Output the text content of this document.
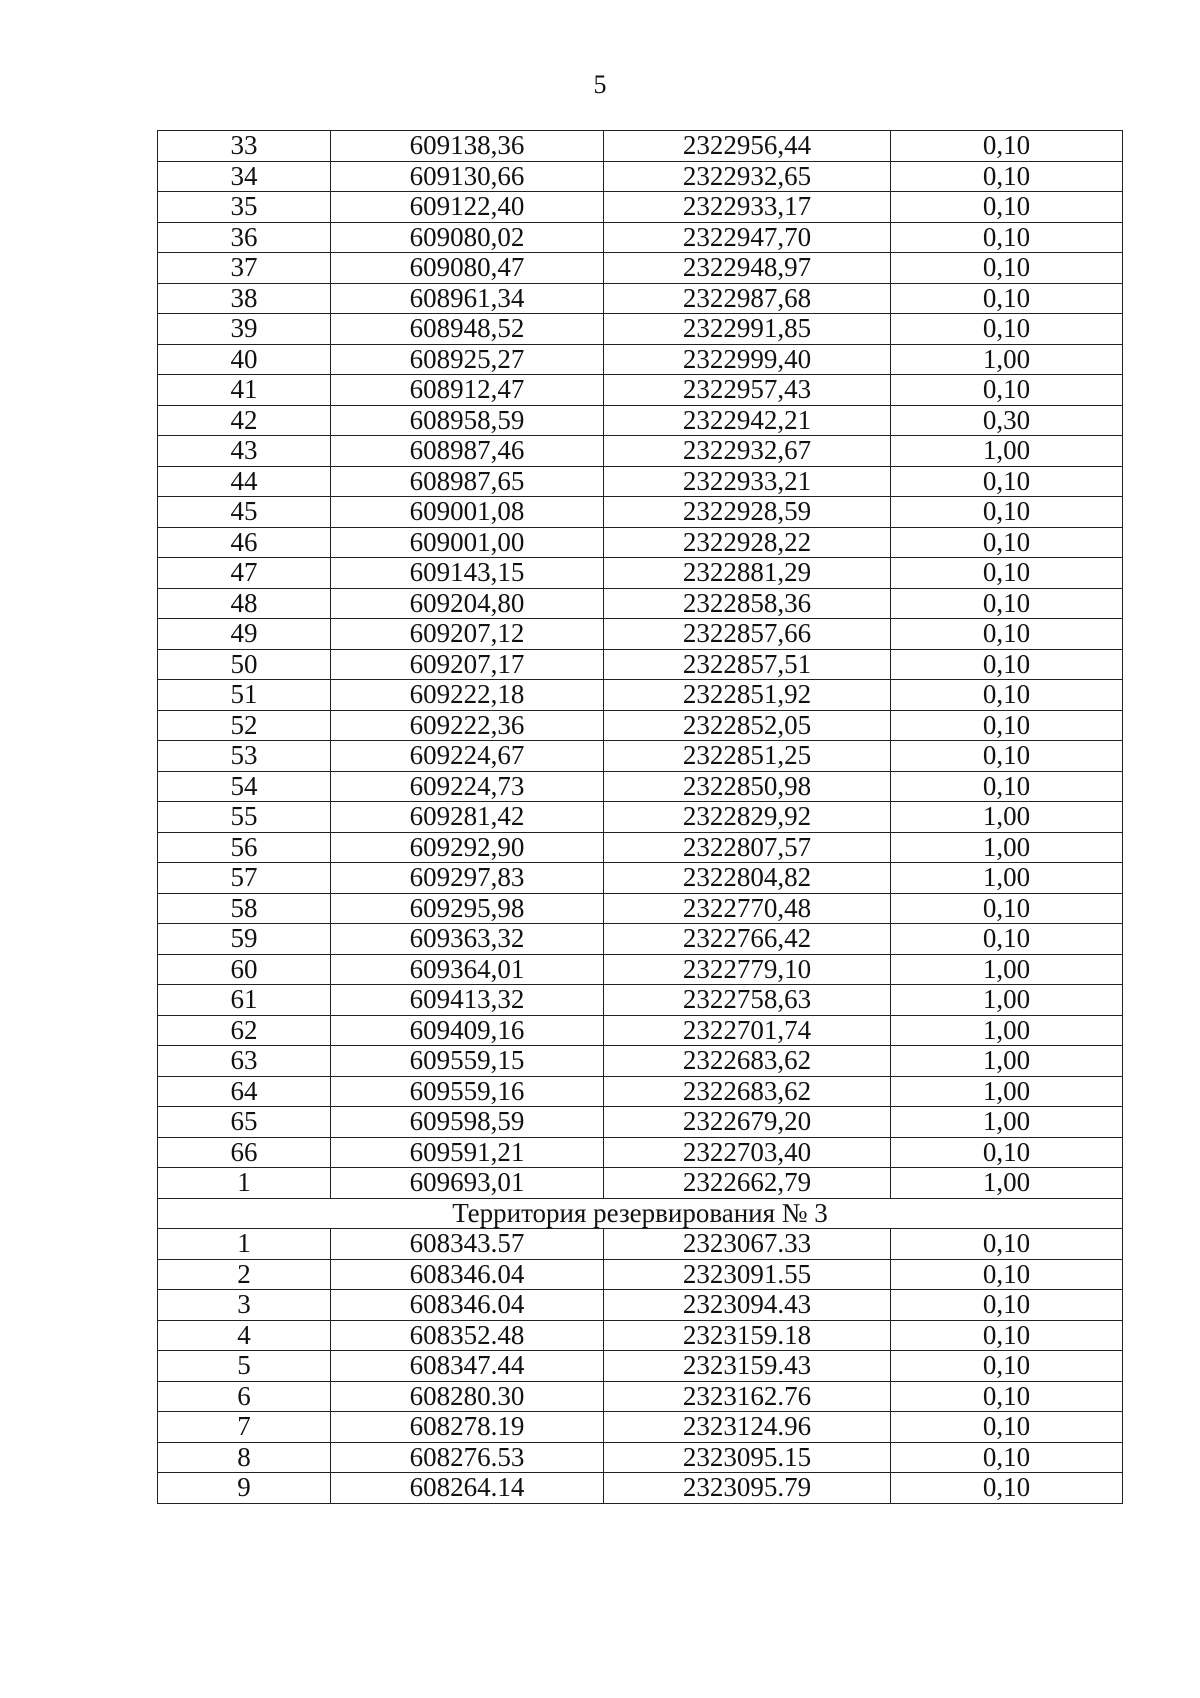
5
33	609138,36	2322956,44	0,10
34	609130,66	2322932,65	0,10
35	609122,40	2322933,17	0,10
36	609080,02	2322947,70	0,10
37	609080,47	2322948,97	0,10
38	608961,34	2322987,68	0,10
39	608948,52	2322991,85	0,10
40	608925,27	2322999,40	1,00
41	608912,47	2322957,43	0,10
42	608958,59	2322942,21	0,30
43	608987,46	2322932,67	1,00
44	608987,65	2322933,21	0,10
45	609001,08	2322928,59	0,10
46	609001,00	2322928,22	0,10
47	609143,15	2322881,29	0,10
48	609204,80	2322858,36	0,10
49	609207,12	2322857,66	0,10
50	609207,17	2322857,51	0,10
51	609222,18	2322851,92	0,10
52	609222,36	2322852,05	0,10
53	609224,67	2322851,25	0,10
54	609224,73	2322850,98	0,10
55	609281,42	2322829,92	1,00
56	609292,90	2322807,57	1,00
57	609297,83	2322804,82	1,00
58	609295,98	2322770,48	0,10
59	609363,32	2322766,42	0,10
60	609364,01	2322779,10	1,00
61	609413,32	2322758,63	1,00
62	609409,16	2322701,74	1,00
63	609559,15	2322683,62	1,00
64	609559,16	2322683,62	1,00
65	609598,59	2322679,20	1,00
66	609591,21	2322703,40	0,10
1	609693,01	2322662,79	1,00
Территория резервирования № 3			
1	608343.57	2323067.33	0,10
2	608346.04	2323091.55	0,10
3	608346.04	2323094.43	0,10
4	608352.48	2323159.18	0,10
5	608347.44	2323159.43	0,10
6	608280.30	2323162.76	0,10
7	608278.19	2323124.96	0,10
8	608276.53	2323095.15	0,10
9	608264.14	2323095.79	0,10
